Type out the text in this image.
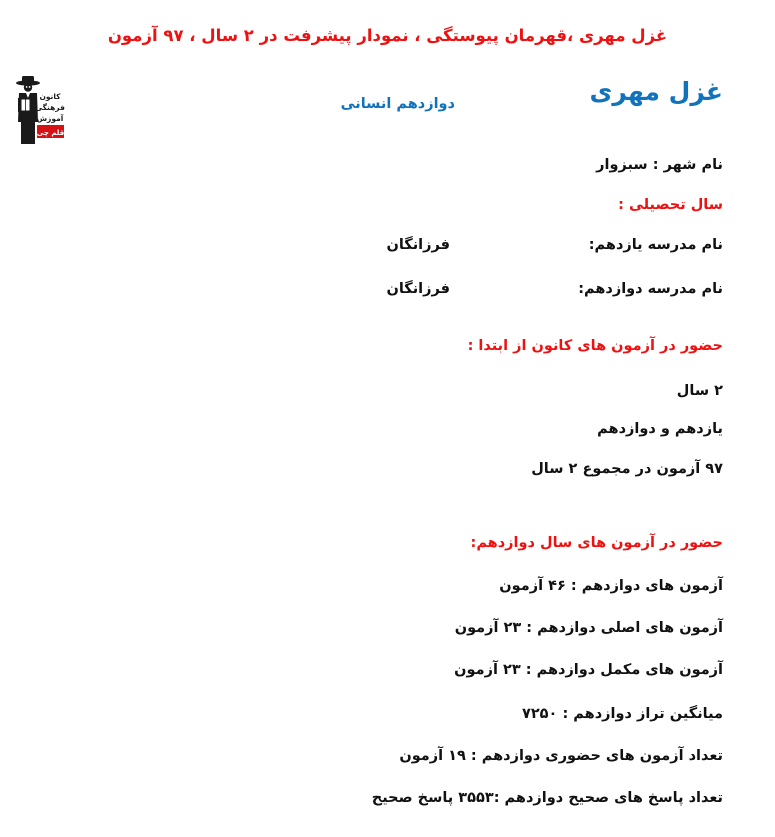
غزل مهری ،قهرمان پیوستگی ، نمودار پیشرفت در ۲ سال ، ۹۷ آزمون
کانون
فرهنگی
آموزش
قلم چی
غزل مهری
دوازدهم انسانی
نام شهر : سبزوار
سال تحصیلی :
نام مدرسه یازدهم:
فرزانگان
نام مدرسه دوازدهم:
فرزانگان
حضور در آزمون های کانون از ابتدا :
۲ سال
یازدهم و دوازدهم
۹۷ آزمون در مجموع ۲ سال
حضور در آزمون های سال دوازدهم:
آزمون های دوازدهم : ۴۶ آزمون
آزمون های اصلی دوازدهم : ۲۳ آزمون
آزمون های مکمل دوازدهم : ۲۳ آزمون
میانگین تراز دوازدهم : ۷۲۵۰
تعداد آزمون های حضوری دوازدهم : ۱۹ آزمون
تعداد پاسخ های صحیح دوازدهم :۳۵۵۳ پاسخ صحیح
